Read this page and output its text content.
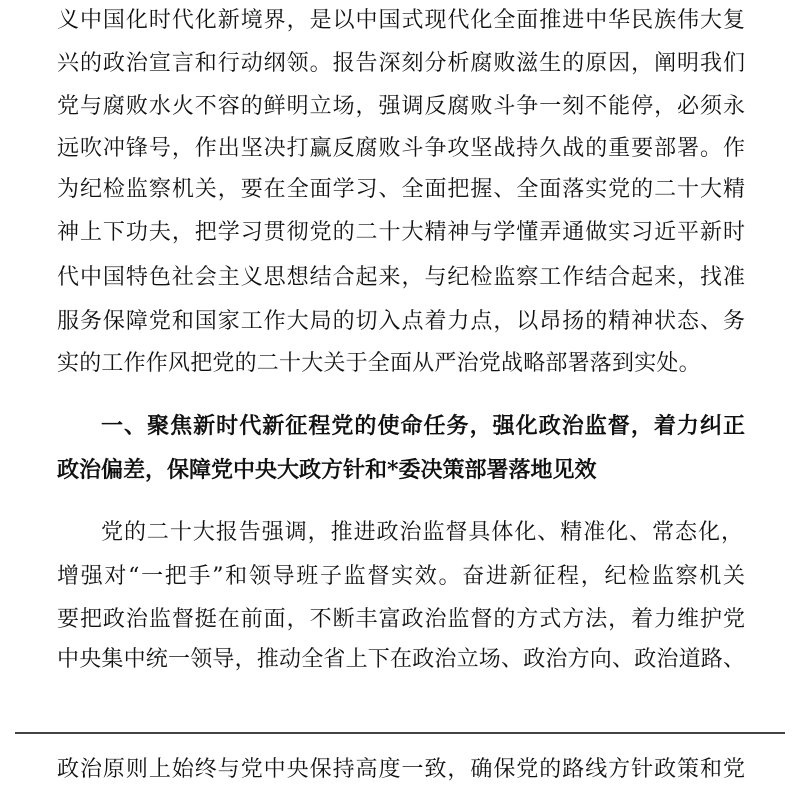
义中国化时代化新境界，是以中国式现代化全面推进中华民族伟大复
兴的政治宣言和行动纲领。报告深刻分析腐败滋生的原因，阐明我们
党与腐败水火不容的鲜明立场，强调反腐败斗争一刻不能停，必须永
远吹冲锋号，作出坚决打赢反腐败斗争攻坚战持久战的重要部署。作
为纪检监察机关，要在全面学习、全面把握、全面落实党的二十大精
神上下功夫，把学习贯彻党的二十大精神与学懂弄通做实习近平新时
代中国特色社会主义思想结合起来，与纪检监察工作结合起来，找准
服务保障党和国家工作大局的切入点着力点，以昂扬的精神状态、务
实的工作作风把党的二十大关于全面从严治党战略部署落到实处。
一、聚焦新时代新征程党的使命任务，强化政治监督，着力纠正
政治偏差，保障党中央大政方针和*委决策部署落地见效
党的二十大报告强调，推进政治监督具体化、精准化、常态化，
增强对“一把手”和领导班子监督实效。奋进新征程，纪检监察机关
要把政治监督挺在前面，不断丰富政治监督的方式方法，着力维护党
中央集中统一领导，推动全省上下在政治立场、政治方向、政治道路、
政治原则上始终与党中央保持高度一致，确保党的路线方针政策和党
